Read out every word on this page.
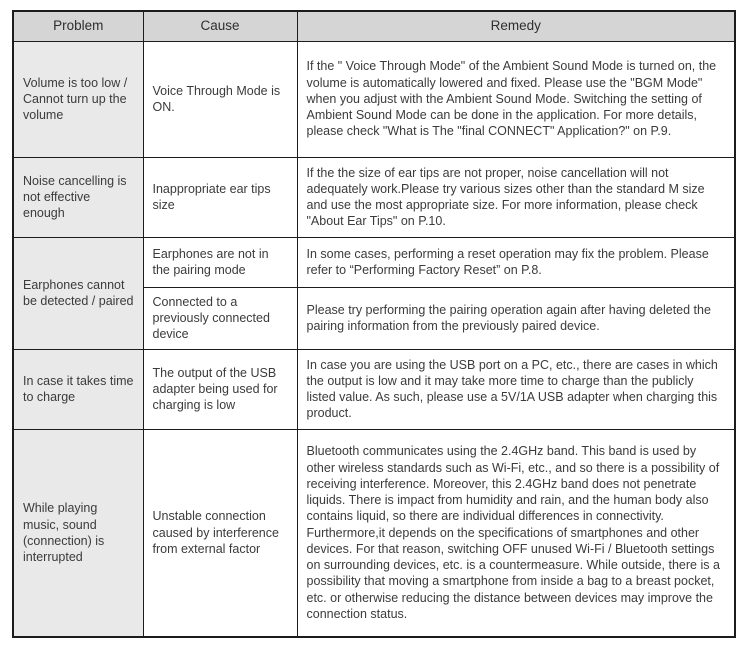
Problem	Cause	Remedy
Volume is too low / Cannot turn up the volume	Voice Through Mode is ON.	If the " Voice Through Mode" of the Ambient Sound Mode is turned on, the volume is automatically lowered and fixed. Please use the "BGM Mode" when you adjust with the Ambient Sound Mode. Switching the setting of Ambient Sound Mode can be done in the application. For more details, please check "What is The "final CONNECT" Application?" on P.9.
Noise cancelling is not effective enough	Inappropriate ear tips size	If the the size of ear tips are not proper, noise cancellation will not adequately work.Please try various sizes other than the standard M size and use the most appropriate size. For more information, please check "About Ear Tips" on P.10.
Earphones cannot be detected / paired	Earphones are not in the pairing mode	In some cases, performing a reset operation may fix the problem. Please refer to “Performing Factory Reset” on P.8.
	Connected to a previously connected device	Please try performing the pairing operation again after having deleted the pairing information from the previously paired device.
In case it takes time to charge	The output of the USB adapter being used for charging is low	In case you are using the USB port on a PC, etc., there are cases in which the output is low and it may take more time to charge than the publicly listed value. As such, please use a 5V/1A USB adapter when charging this product.
While playing music, sound (connection) is interrupted	Unstable connection caused by interference from external factor	Bluetooth communicates using the 2.4GHz band. This band is used by other wireless standards such as Wi-Fi, etc., and so there is a possibility of receiving interference. Moreover, this 2.4GHz band does not penetrate liquids. There is impact from humidity and rain, and the human body also contains liquid, so there are individual differences in connectivity. Furthermore,it depends on the specifications of smartphones and other devices. For that reason, switching OFF unused Wi-Fi / Bluetooth settings on surrounding devices, etc. is a countermeasure. While outside, there is a possibility that moving a smartphone from inside a bag to a breast pocket, etc. or otherwise reducing the distance between devices may improve the connection status.
